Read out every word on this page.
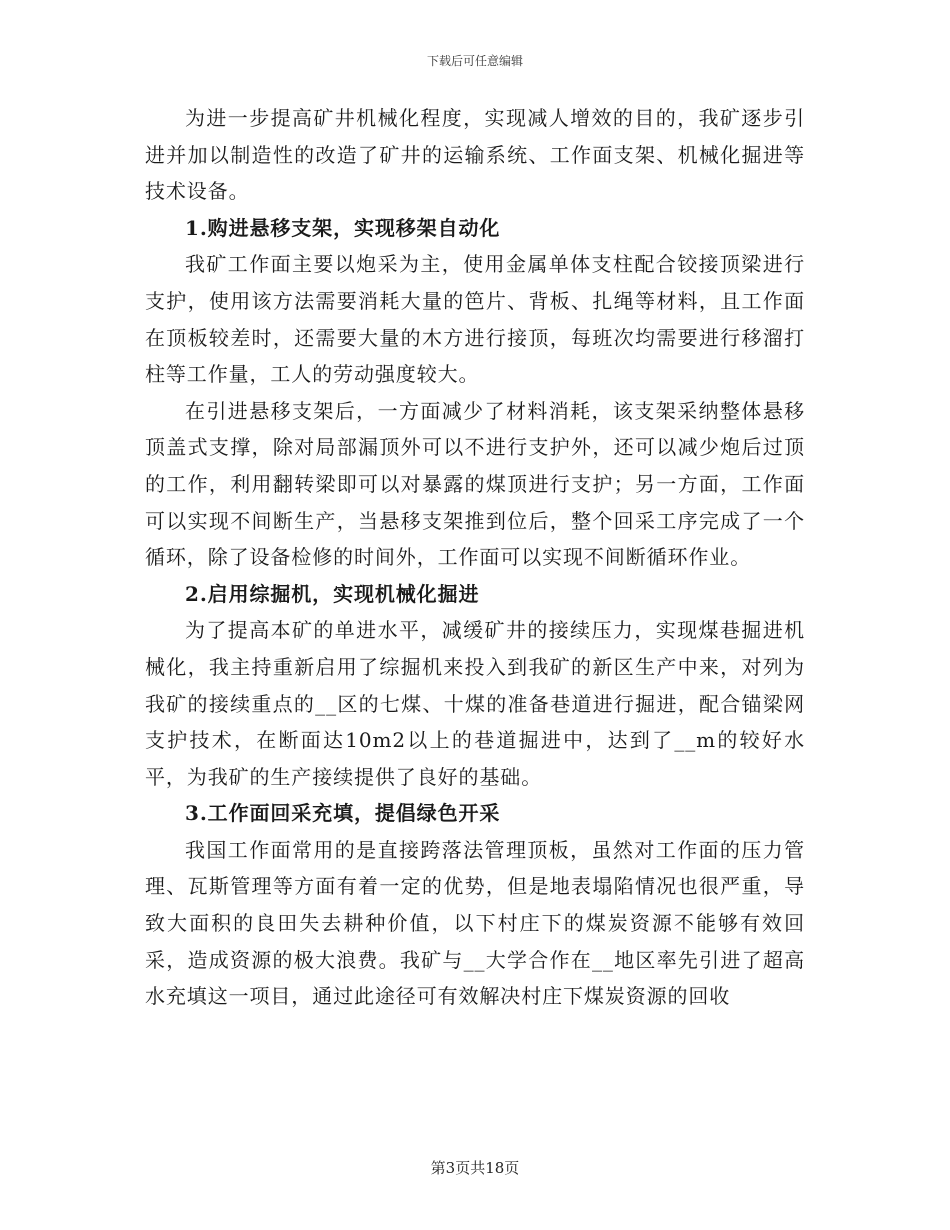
下载后可任意编辑

为进一步提高矿井机械化程度，实现减人增效的目的，我矿逐步引进并加以制造性的改造了矿井的运输系统、工作面支架、机械化掘进等技术设备。

1.购进悬移支架，实现移架自动化

我矿工作面主要以炮采为主，使用金属单体支柱配合铰接顶梁进行支护，使用该方法需要消耗大量的笆片、背板、扎绳等材料，且工作面在顶板较差时，还需要大量的木方进行接顶，每班次均需要进行移溜打柱等工作量，工人的劳动强度较大。

在引进悬移支架后，一方面减少了材料消耗，该支架采纳整体悬移顶盖式支撑，除对局部漏顶外可以不进行支护外，还可以减少炮后过顶的工作，利用翻转梁即可以对暴露的煤顶进行支护；另一方面，工作面可以实现不间断生产，当悬移支架推到位后，整个回采工序完成了一个循环，除了设备检修的时间外，工作面可以实现不间断循环作业。

2.启用综掘机，实现机械化掘进

为了提高本矿的单进水平，减缓矿井的接续压力，实现煤巷掘进机械化，我主持重新启用了综掘机来投入到我矿的新区生产中来，对列为我矿的接续重点的__区的七煤、十煤的准备巷道进行掘进，配合锚梁网支护技术，在断面达10m2以上的巷道掘进中，达到了__m的较好水平，为我矿的生产接续提供了良好的基础。

3.工作面回采充填，提倡绿色开采

我国工作面常用的是直接跨落法管理顶板，虽然对工作面的压力管理、瓦斯管理等方面有着一定的优势，但是地表塌陷情况也很严重，导致大面积的良田失去耕种价值，以下村庄下的煤炭资源不能够有效回采，造成资源的极大浪费。我矿与__大学合作在__地区率先引进了超高水充填这一项目，通过此途径可有效解决村庄下煤炭资源的回收

第3页共18页
